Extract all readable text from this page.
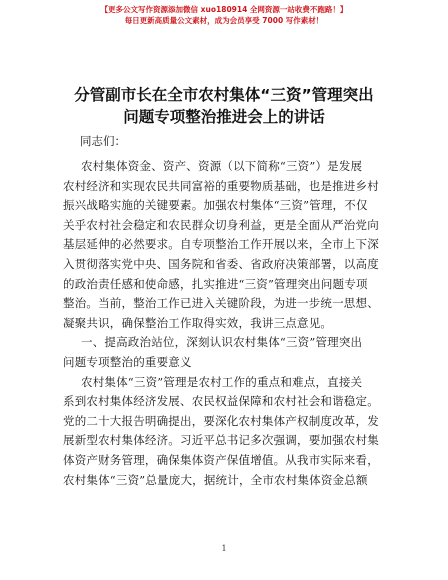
【更多公文写作资源添加微信 xuo180914 全网资源一站收费不跑路！】
每日更新高质量公文素材，成为会员享受 7000 写作素材！
分管副市长在全市农村集体“三资”管理突出
问题专项整治推进会上的讲话
同志们：
农村集体资金、资产、资源（以下简称“三资”）是发展
农村经济和实现农民共同富裕的重要物质基础，也是推进乡村
振兴战略实施的关键要素。加强农村集体“三资”管理，不仅
关乎农村社会稳定和农民群众切身利益，更是全面从严治党向
基层延伸的必然要求。自专项整治工作开展以来，全市上下深
入贯彻落实党中央、国务院和省委、省政府决策部署，以高度
的政治责任感和使命感，扎实推进“三资”管理突出问题专项
整治。当前，整治工作已进入关键阶段，为进一步统一思想、
凝聚共识，确保整治工作取得实效，我讲三点意见。
一、提高政治站位，深刻认识农村集体“三资”管理突出
问题专项整治的重要意义
农村集体“三资”管理是农村工作的重点和难点，直接关
系到农村集体经济发展、农民权益保障和农村社会和谐稳定。
党的二十大报告明确提出，要深化农村集体产权制度改革，发
展新型农村集体经济。习近平总书记多次强调，要加强农村集
体资产财务管理，确保集体资产保值增值。从我市实际来看，
农村集体“三资”总量庞大，据统计，全市农村集体资金总额
1
